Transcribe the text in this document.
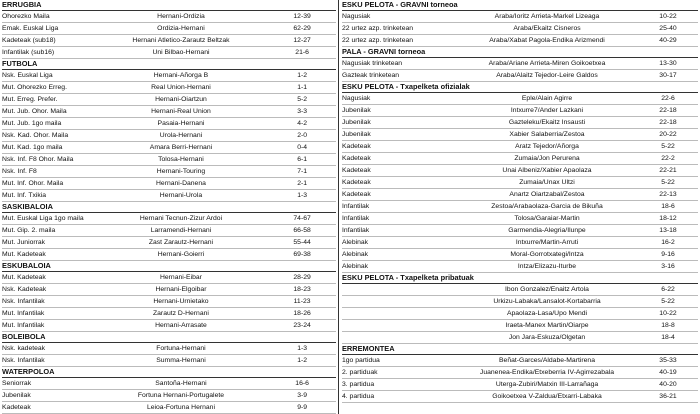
ERRUGBIA
Ohorezko Maila	Hernani-Ordizia	12-39
Emak. Euskal Liga	Ordizia-Hernani	62-29
Kadeteak (sub18)	Hernani Atletico-Zarautz Beltzak	12-27
Infantilak (sub16)	Uni Bilbao-Hernani	21-6
FUTBOLA
Nsk. Euskal Liga	Hernani-Añorga B	1-2
Mut. Ohorezko Erreg.	Real Union-Hernani	1-1
Mut. Erreg. Prefer.	Hernani-Oiartzun	5-2
Mut. Jub. Ohor. Maila	Hernani-Real Union	3-3
Mut. Jub. 1go maila	Pasaia-Hernani	4-2
Nsk. Kad. Ohor. Maila	Urola-Hernani	2-0
Mut. Kad. 1go maila	Amara Berri-Hernani	0-4
Nsk. Inf. F8 Ohor. Maila	Tolosa-Hernani	6-1
Nsk. Inf. F8	Hernani-Touring	7-1
Mut. Inf. Ohor. Maila	Hernani-Danena	2-1
Mut. Inf. Txikia	Hernani-Urola	1-3
SASKIBALOIA
Mut. Euskal Liga 1go maila	Hernani Tecnun-Zizur Ardoi	74-67
Mut. Gip. 2. maila	Larramendi-Hernani	66-58
Mut. Juniorrak	Zast Zarautz-Hernani	55-44
Mut. Kadeteak	Hernani-Goierri	69-38
ESKUBALOIA
Mut. Kadeteak	Hernani-Eibar	28-29
Nsk. Kadeteak	Hernani-Elgoibar	18-23
Nsk. Infantilak	Hernani-Urnietako	11-23
Mut. Infantilak	Zarautz D-Hernani	18-26
Mut. Infantilak	Hernani-Arrasate	23-24
BOLEIBOLA
Nsk. kadeteak	Fortuna-Hernani	1-3
Nsk. Infantilak	Summa-Hernani	1-2
WATERPOLOA
Seniorrak	Santoña-Hernani	16-6
Jubenilak	Fortuna Hernani-Portugalete	3-9
Kadeteak	Leioa-Fortuna Hernani	9-9
ESKU PELOTA - GRAVNI torneoa
Nagusiak	Araba/Ioritz Arrieta-Markel Lizeaga	10-22
22 urtez azp. trinketean	Araba/Ekaitz Cisneros	25-40
22 urtez azp. trinketean	Araba/Xabat Pagola-Endika Arizmendi	40-29
PALA - GRAVNI torneoa
Nagusiak trinketean	Araba/Ariane Arrieta-Miren Goikoetxea	13-30
Gazteak trinketean	Araba/Alaitz Tejedor-Leire Galdos	30-17
ESKU PELOTA - Txapelketa ofizialak
Nagusiak	Eple/Alain Agirre	22-6
Jubenilak	Intxurre7/Ander Lazkani	22-18
Jubenilak	Gazteleku/Ekaitz Insausti	22-18
Jubenilak	Xabier Salaberria/Zestoa	20-22
Kadeteak	Aratz Tejedor/Añorga	5-22
Kadeteak	Zumaia/Jon Perurena	22-2
Kadeteak	Unai Albeniz/Xabier Apaolaza	22-21
Kadeteak	Zumaia/Unax Ultzi	5-22
Kadeteak	Anartz Oiartzabal/Zestoa	22-13
Infantilak	Zestoa/Arabaolaza-Garcia de Bikuña	18-6
Infantilak	Tolosa/Garaiar-Martin	18-12
Infantilak	Garmendia-Alegria/Ilunpe	13-18
Alebinak	Intxurre/Martin-Arruti	16-2
Alebinak	Moral-Gorrotxategi/Intza	9-16
Alebinak	Intza/Elizazu-Iturbe	3-16
ESKU PELOTA - Txapelketa pribatuak
Ibon Gonzalez/Enaitz Artola	6-22
Urkizu-Labaka/Lansalot-Kortabarria	5-22
Apaolaza-Lasa/Upo Mendi	10-22
Iraeta-Manex Martin/Oiarpe	18-8
Jon Jara-Eskuza/Olgetan	18-4
ERREMONTEA
1go partidua	Beñat-Garces/Aldabe-Martirena	35-33
2. partiduak	Juanenea-Endika/Etxeberria IV-Agirrezabala	40-19
3. partidua	Uterga-Zubiri/Matxin III-Larrañaga	40-20
4. partidua	Goikoetxea V-Zaldua/Etxarri-Labaka	36-21
